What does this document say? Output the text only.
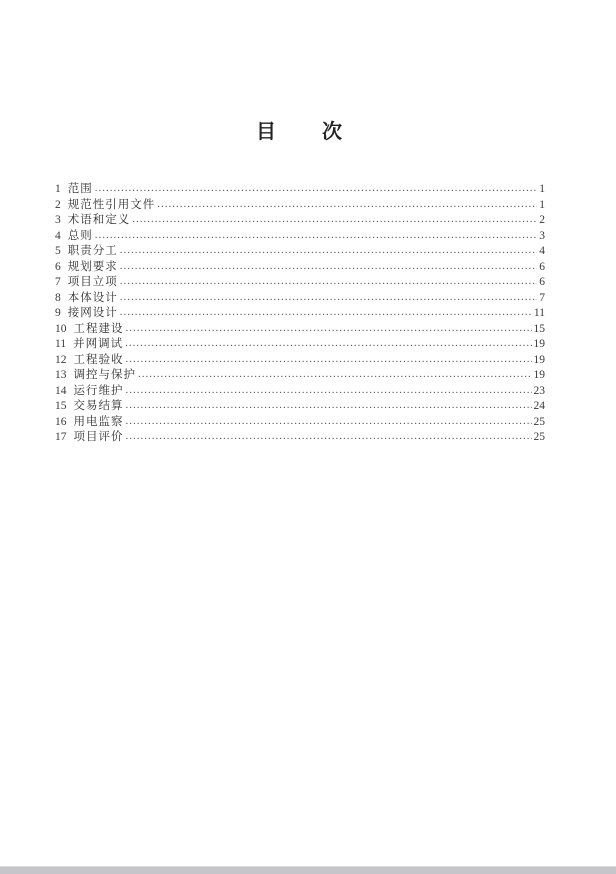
目　　次
1 范围 .....	1
2 规范性引用文件 .....	1
3 术语和定义 .....	2
4 总则 .....	3
5 职责分工 .....	4
6 规划要求 .....	6
7 项目立项 .....	6
8 本体设计 .....	7
9 接网设计 .....	11
10 工程建设 .....	15
11 并网调试 .....	19
12 工程验收 .....	19
13 调控与保护 .....	19
14 运行维护 .....	23
15 交易结算 .....	24
16 用电监察 .....	25
17 项目评价 .....	25
